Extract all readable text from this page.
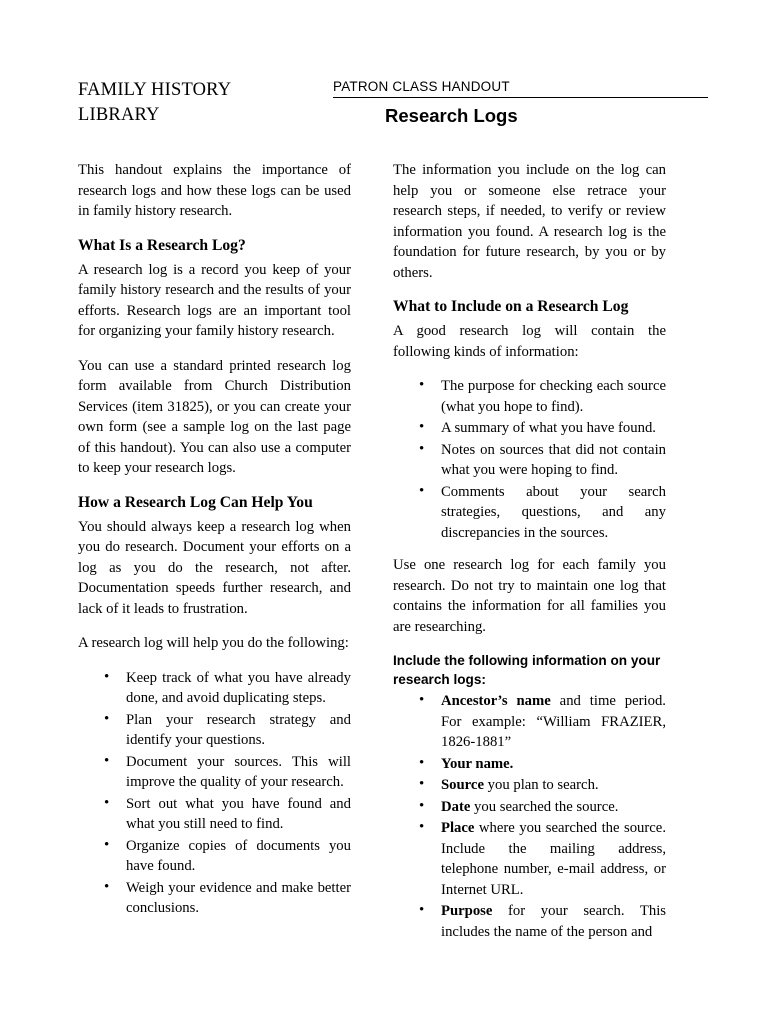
FAMILY HISTORY
LIBRARY
PATRON CLASS HANDOUT
Research Logs

This handout explains the importance of research logs and how these logs can be used in family history research.

What Is a Research Log?

A research log is a record you keep of your family history research and the results of your efforts. Research logs are an important tool for organizing your family history research.

You can use a standard printed research log form available from Church Distribution Services (item 31825), or you can create your own form (see a sample log on the last page of this handout). You can also use a computer to keep your research logs.

How a Research Log Can Help You

You should always keep a research log when you do research. Document your efforts on a log as you do the research, not after. Documentation speeds further research, and lack of it leads to frustration.

A research log will help you do the following:

• Keep track of what you have already done, and avoid duplicating steps.
• Plan your research strategy and identify your questions.
• Document your sources. This will improve the quality of your research.
• Sort out what you have found and what you still need to find.
• Organize copies of documents you have found.
• Weigh your evidence and make better conclusions.

The information you include on the log can help you or someone else retrace your research steps, if needed, to verify or review information you found. A research log is the foundation for future research, by you or by others.

What to Include on a Research Log

A good research log will contain the following kinds of information:

• The purpose for checking each source (what you hope to find).
• A summary of what you have found.
• Notes on sources that did not contain what you were hoping to find.
• Comments about your search strategies, questions, and any discrepancies in the sources.

Use one research log for each family you research. Do not try to maintain one log that contains the information for all families you are researching.

Include the following information on your
research logs:
• Ancestor’s name and time period. For example: “William FRAZIER, 1826-1881”
• Your name.
• Source you plan to search.
• Date you searched the source.
• Place where you searched the source. Include the mailing address, telephone number, e-mail address, or Internet URL.
• Purpose for your search. This includes the name of the person and
